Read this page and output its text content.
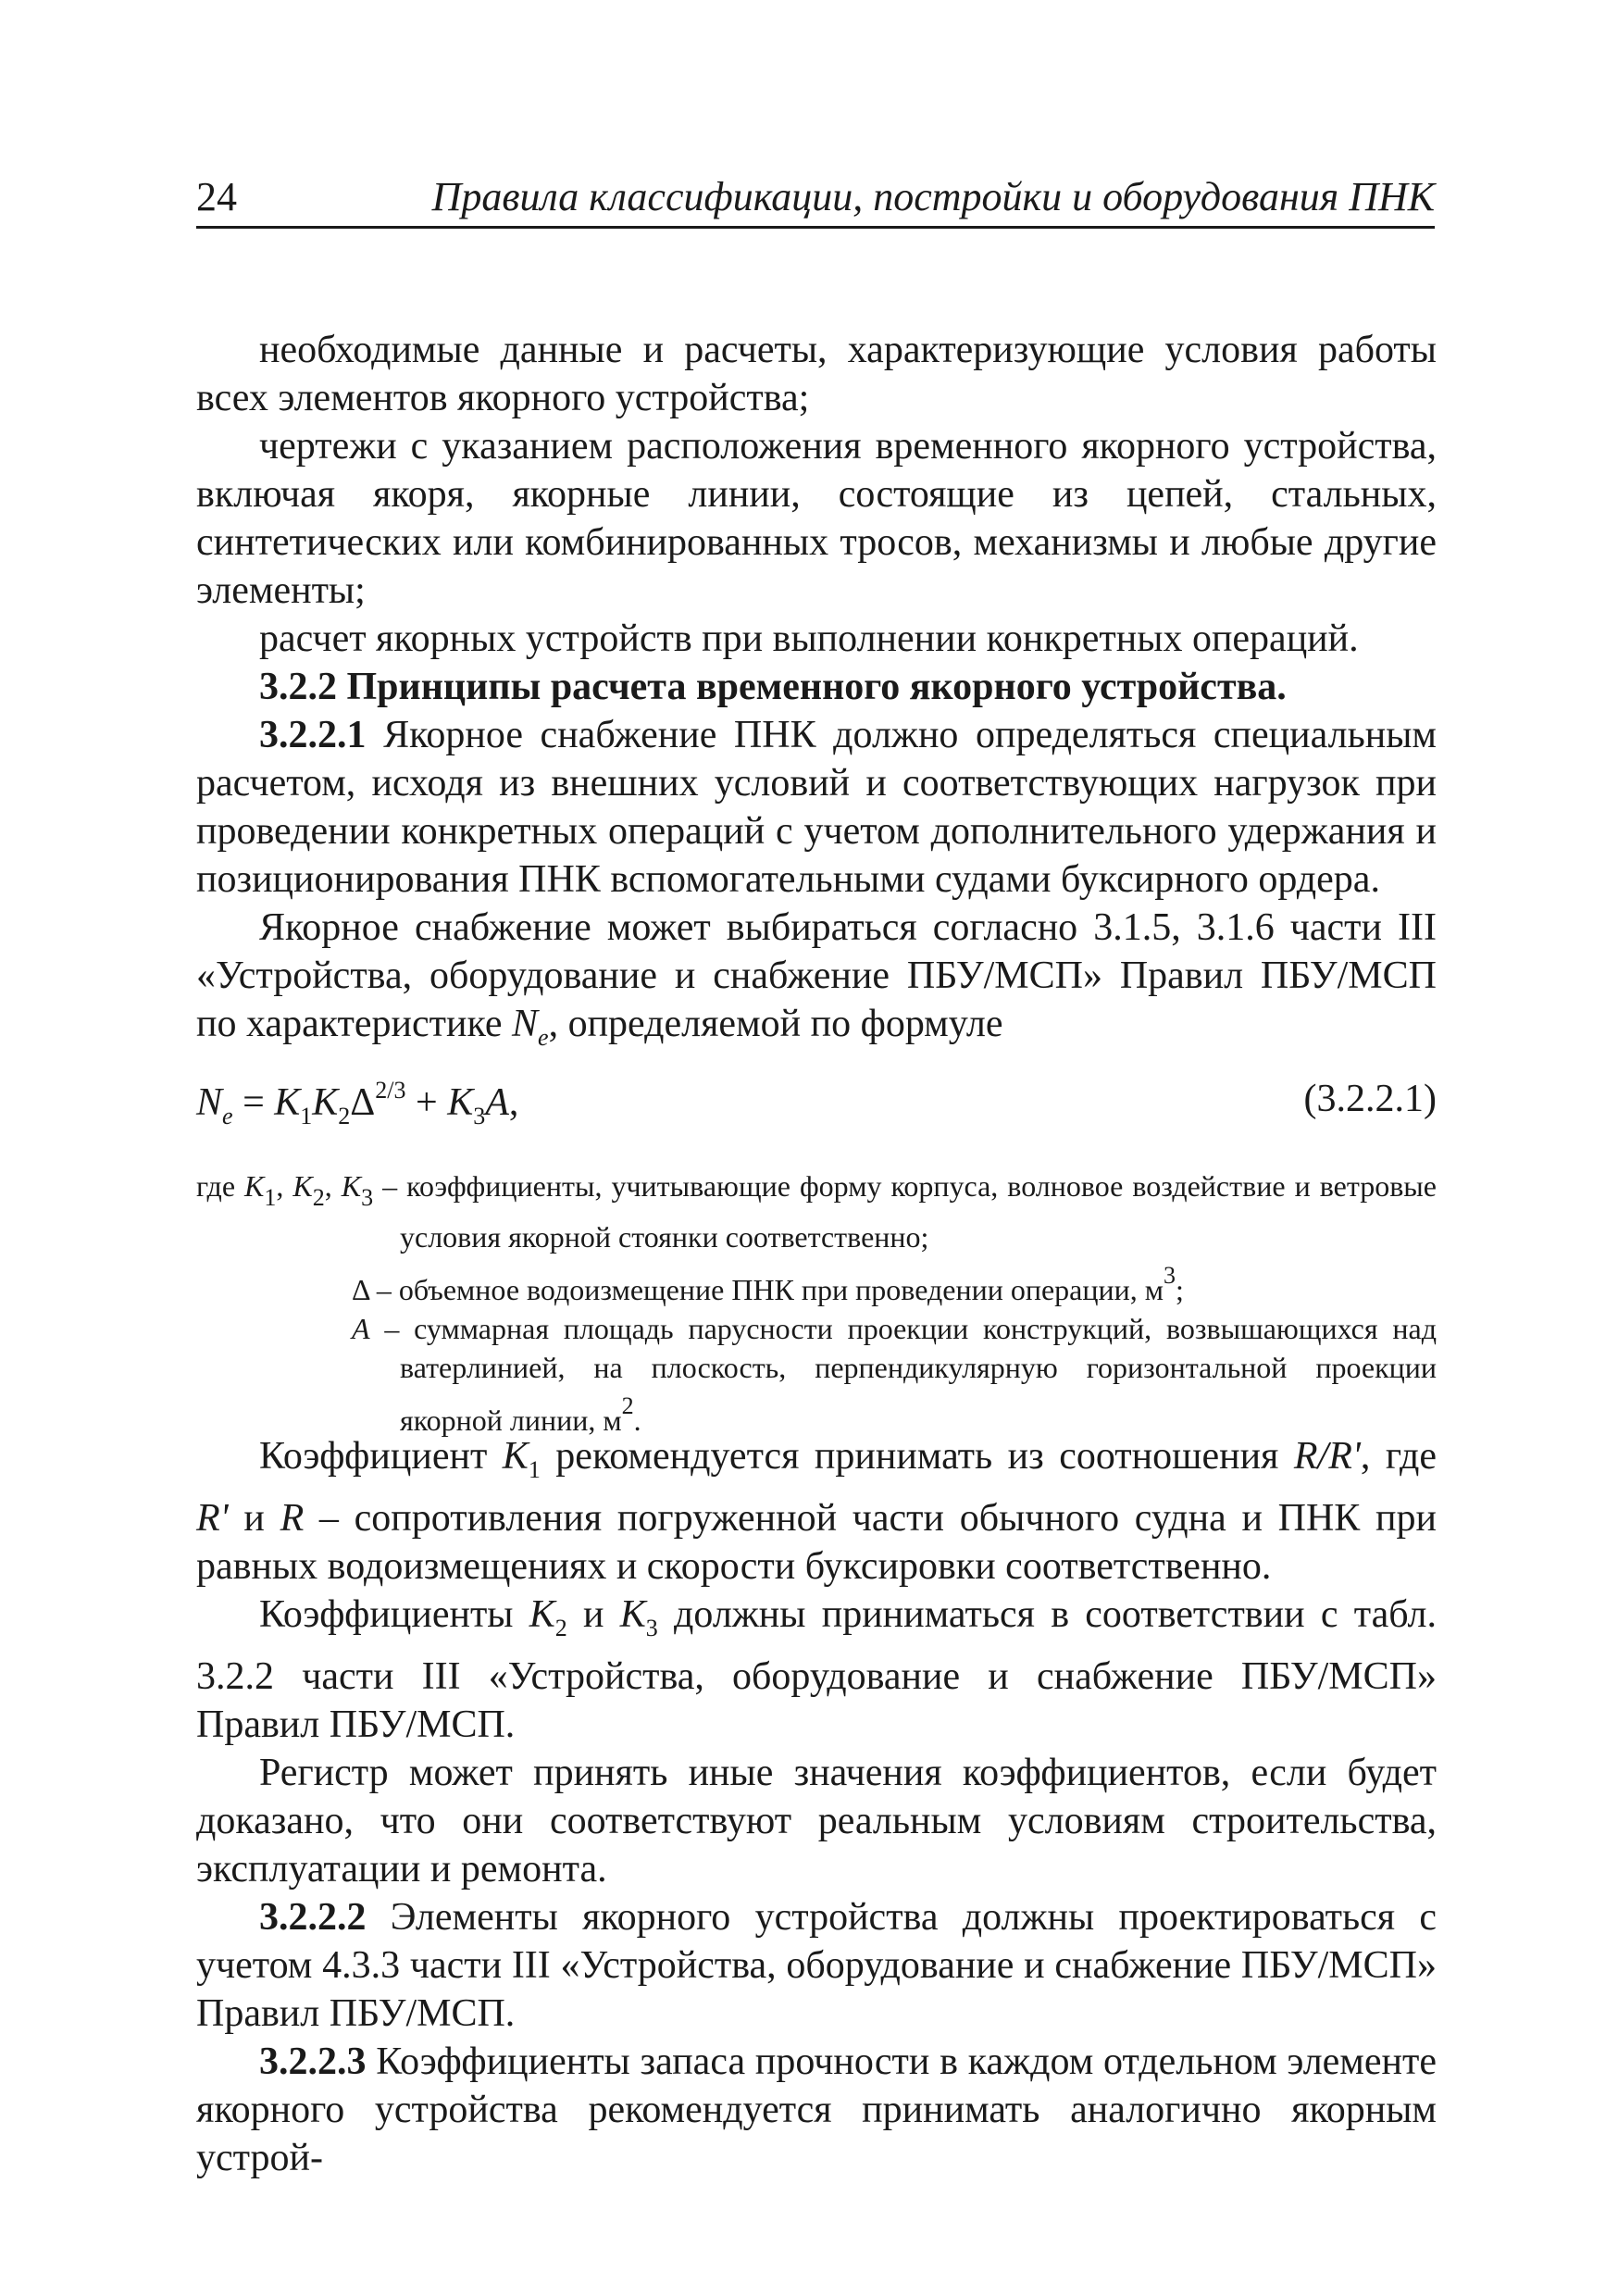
24	Правила классификации, постройки и оборудования ПНК

необходимые данные и расчеты, характеризующие условия работы всех элементов якорного устройства;

чертежи с указанием расположения временного якорного устройства, включая якоря, якорные линии, состоящие из цепей, стальных, синтетических или комбинированных тросов, механизмы и любые другие элементы;

расчет якорных устройств при выполнении конкретных операций.

3.2.2 Принципы расчета временного якорного устройства.

3.2.2.1 Якорное снабжение ПНК должно определяться специальным расчетом, исходя из внешних условий и соответствующих нагрузок при проведении конкретных операций с учетом дополнительного удержания и позиционирования ПНК вспомогательными судами буксирного ордера.

Якорное снабжение может выбираться согласно 3.1.5, 3.1.6 части III «Устройства, оборудование и снабжение ПБУ/МСП» Правил ПБУ/МСП по характеристике $N_e$, определяемой по формуле

$N_e = K_1K_2\Delta^{2/3} + K_3A$,	(3.2.2.1)
где $K_1$, $K_2$, $K_3$ – коэффициенты, учитывающие форму корпуса, волновое воздействие и ветровые условия якорной стоянки соответственно;
Δ – объемное водоизмещение ПНК при проведении операции, $м^3$;
A – суммарная площадь парусности проекции конструкций, возвышающихся над ватерлинией, на плоскость, перпендикулярную горизонтальной проекции якорной линии, $м^2$.

Коэффициент $K_1$ рекомендуется принимать из соотношения R/R', где R' и R – сопротивления погруженной части обычного судна и ПНК при равных водоизмещениях и скорости буксировки соответственно.

Коэффициенты $K_2$ и $K_3$ должны приниматься в соответствии с табл. 3.2.2 части III «Устройства, оборудование и снабжение ПБУ/МСП» Правил ПБУ/МСП.

Регистр может принять иные значения коэффициентов, если будет доказано, что они соответствуют реальным условиям строительства, эксплуатации и ремонта.

3.2.2.2 Элементы якорного устройства должны проектироваться с учетом 4.3.3 части III «Устройства, оборудование и снабжение ПБУ/МСП» Правил ПБУ/МСП.

3.2.2.3 Коэффициенты запаса прочности в каждом отдельном элементе якорного устройства рекомендуется принимать аналогично якорным устрой-
